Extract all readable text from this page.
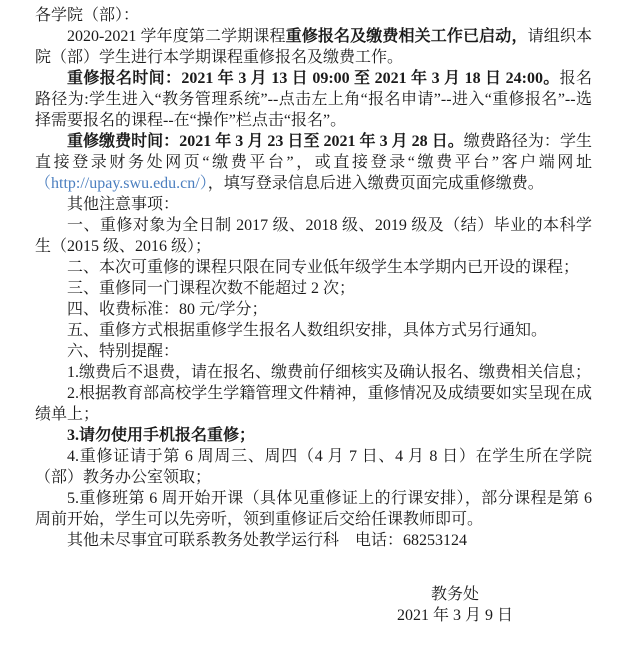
各学院（部）：

2020-2021 学年度第二学期课程重修报名及缴费相关工作已启动，请组织本院（部）学生进行本学期课程重修报名及缴费工作。

重修报名时间：2021 年 3 月 13 日 09:00 至 2021 年 3 月 18 日 24:00。报名路径为:学生进入“教务管理系统”--点击左上角“报名申请”--进入“重修报名”--选择需要报名的课程--在“操作”栏点击“报名”。

重修缴费时间：2021 年 3 月 23 日至 2021 年 3 月 28 日。缴费路径为：学生直接登录财务处网页“缴费平台”，或直接登录“缴费平台”客户端网址（http://upay.swu.edu.cn/），填写登录信息后进入缴费页面完成重修缴费。

其他注意事项：

一、重修对象为全日制 2017 级、2018 级、2019 级及（结）毕业的本科学生（2015 级、2016 级）；

二、本次可重修的课程只限在同专业低年级学生本学期内已开设的课程；

三、重修同一门课程次数不能超过 2 次；

四、收费标准：80 元/学分；

五、重修方式根据重修学生报名人数组织安排，具体方式另行通知。

六、特别提醒：

1.缴费后不退费，请在报名、缴费前仔细核实及确认报名、缴费相关信息；

2.根据教育部高校学生学籍管理文件精神，重修情况及成绩要如实呈现在成绩单上；

3.请勿使用手机报名重修；

4.重修证请于第 6 周周三、周四（4 月 7 日、4 月 8 日）在学生所在学院（部）教务办公室领取；

5.重修班第 6 周开始开课（具体见重修证上的行课安排），部分课程是第 6 周前开始，学生可以先旁听，领到重修证后交给任课教师即可。

其他未尽事宜可联系教务处教学运行科　电话：68253124

教务处
2021 年 3 月 9 日
